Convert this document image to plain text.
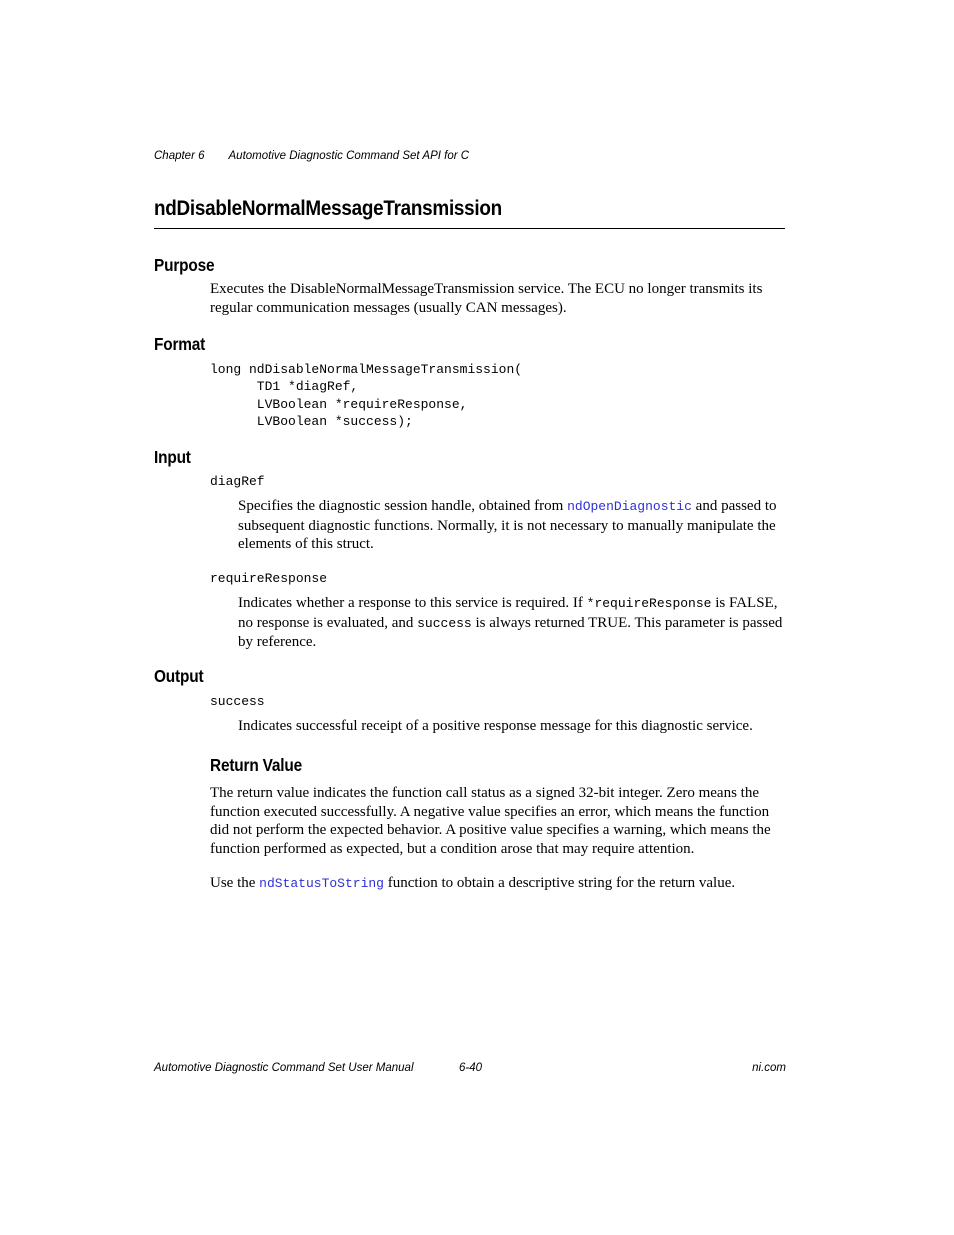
Chapter 6 Automotive Diagnostic Command Set API for C
ndDisableNormalMessageTransmission
Purpose
Executes the DisableNormalMessageTransmission service. The ECU no longer transmits its regular communication messages (usually CAN messages).
Format
long ndDisableNormalMessageTransmission(
TD1 *diagRef,
LVBoolean *requireResponse,
LVBoolean *success);
Input
diagRef
Specifies the diagnostic session handle, obtained from ndOpenDiagnostic and passed to subsequent diagnostic functions. Normally, it is not necessary to manually manipulate the elements of this struct.
requireResponse
Indicates whether a response to this service is required. If *requireResponse is FALSE, no response is evaluated, and success is always returned TRUE. This parameter is passed by reference.
Output
success
Indicates successful receipt of a positive response message for this diagnostic service.
Return Value
The return value indicates the function call status as a signed 32-bit integer. Zero means the function executed successfully. A negative value specifies an error, which means the function did not perform the expected behavior. A positive value specifies a warning, which means the function performed as expected, but a condition arose that may require attention.
Use the ndStatusToString function to obtain a descriptive string for the return value.
Automotive Diagnostic Command Set User Manual	6-40	ni.com
